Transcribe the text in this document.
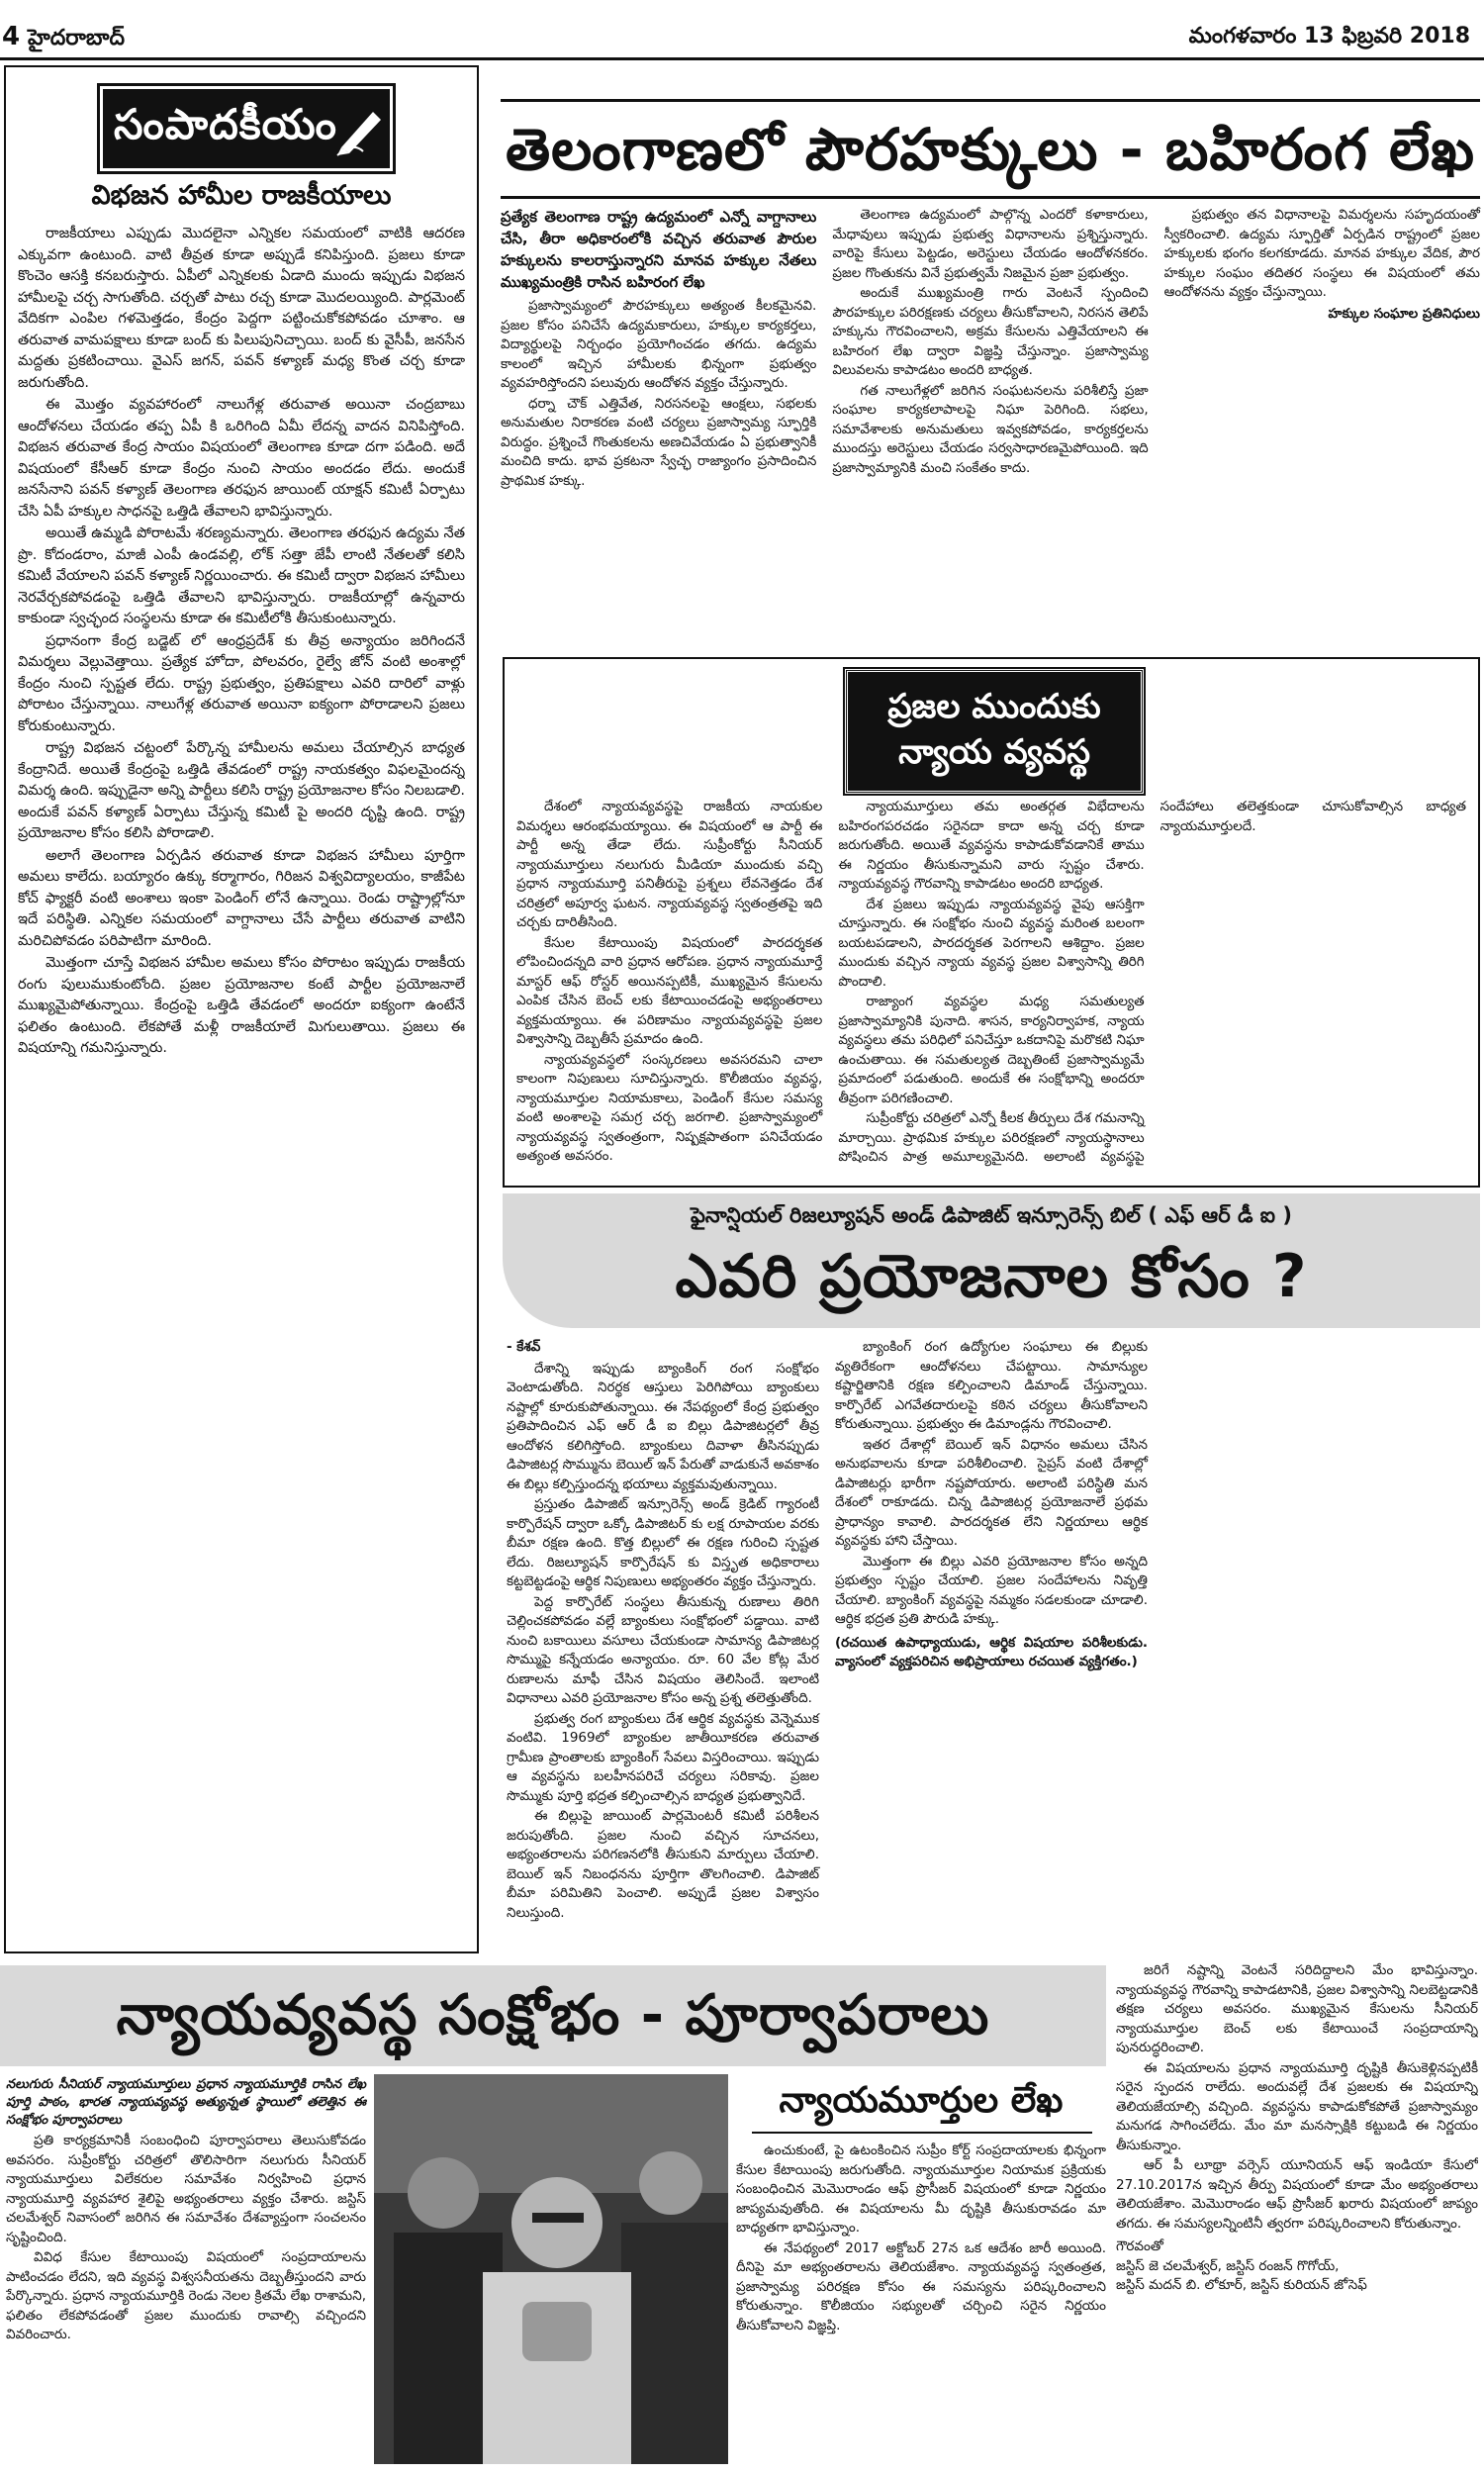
4 హైదరాబాద్	మంగళవారం 13 ఫిబ్రవరి 2018
సంపాదకీయం
విభజన హామీల రాజకీయాలు

రాజకీయాలు ఎప్పుడు మొదలైనా ఎన్నికల సమయంలో వాటికి ఆదరణ ఎక్కువగా ఉంటుంది. వాటి తీవ్రత కూడా అప్పుడే కనిపిస్తుంది. ప్రజలు కూడా కొంచెం ఆసక్తి కనబరుస్తారు. ఏపీలో ఎన్నికలకు ఏడాది ముందు ఇప్పుడు విభజన హామీలపై చర్చ సాగుతోంది. చర్చతో పాటు రచ్చ కూడా మొదలయ్యింది. పార్లమెంట్ వేదికగా ఎంపిల గళమెత్తడం, కేంద్రం పెద్దగా పట్టించుకోకపోవడం చూశాం. ఆ తరువాత వామపక్షాలు కూడా బంద్ కు పిలుపునిచ్చాయి. బంద్ కు వైసీపీ, జనసేన మద్దతు ప్రకటించాయి. వైఎస్ జగన్, పవన్ కళ్యాణ్ మధ్య కొంత చర్చ కూడా జరుగుతోంది.

ఈ మొత్తం వ్యవహారంలో నాలుగేళ్ల తరువాత అయినా చంద్రబాబు ఆందోళనలు చేయడం తప్ప ఏపీ కి ఒరిగింది ఏమీ లేదన్న వాదన వినిపిస్తోంది. విభజన తరువాత కేంద్ర సాయం విషయంలో తెలంగాణ కూడా దగా పడింది. అదే విషయంలో కేసీఆర్ కూడా కేంద్రం నుంచి సాయం అందడం లేదు. అందుకే జనసేనాని పవన్ కళ్యాణ్ తెలంగాణ తరఫున జాయింట్ యాక్షన్ కమిటీ ఏర్పాటు చేసి ఏపీ హక్కుల సాధనపై ఒత్తిడి తేవాలని భావిస్తున్నారు.

అయితే ఉమ్మడి పోరాటమే శరణ్యమన్నారు. తెలంగాణ తరఫున ఉద్యమ నేత ప్రొ. కోదండరాం, మాజీ ఎంపీ ఉండవల్లి, లోక్ సత్తా జేపీ లాంటి నేతలతో కలిసి కమిటీ వేయాలని పవన్ కళ్యాణ్ నిర్ణయించారు. ఈ కమిటీ ద్వారా విభజన హామీలు నెరవేర్చకపోవడంపై ఒత్తిడి తేవాలని భావిస్తున్నారు. రాజకీయాల్లో ఉన్నవారు కాకుండా స్వచ్ఛంద సంస్థలను కూడా ఈ కమిటీలోకి తీసుకుంటున్నారు.

ప్రధానంగా కేంద్ర బడ్జెట్ లో ఆంధ్రప్రదేశ్ కు తీవ్ర అన్యాయం జరిగిందనే విమర్శలు వెల్లువెత్తాయి. ప్రత్యేక హోదా, పోలవరం, రైల్వే జోన్ వంటి అంశాల్లో కేంద్రం నుంచి స్పష్టత లేదు. రాష్ట్ర ప్రభుత్వం, ప్రతిపక్షాలు ఎవరి దారిలో వాళ్లు పోరాటం చేస్తున్నాయి. నాలుగేళ్ల తరువాత అయినా ఐక్యంగా పోరాడాలని ప్రజలు కోరుకుంటున్నారు.

రాష్ట్ర విభజన చట్టంలో పేర్కొన్న హామీలను అమలు చేయాల్సిన బాధ్యత కేంద్రానిదే. అయితే కేంద్రంపై ఒత్తిడి తేవడంలో రాష్ట్ర నాయకత్వం విఫలమైందన్న విమర్శ ఉంది. ఇప్పుడైనా అన్ని పార్టీలు కలిసి రాష్ట్ర ప్రయోజనాల కోసం నిలబడాలి. అందుకే పవన్ కళ్యాణ్ ఏర్పాటు చేస్తున్న కమిటీ పై అందరి దృష్టి ఉంది. రాష్ట్ర ప్రయోజనాల కోసం కలిసి పోరాడాలి.

అలాగే తెలంగాణ ఏర్పడిన తరువాత కూడా విభజన హామీలు పూర్తిగా అమలు కాలేదు. బయ్యారం ఉక్కు కర్మాగారం, గిరిజన విశ్వవిద్యాలయం, కాజీపేట కోచ్ ఫ్యాక్టరీ వంటి అంశాలు ఇంకా పెండింగ్ లోనే ఉన్నాయి. రెండు రాష్ట్రాల్లోనూ ఇదే పరిస్థితి. ఎన్నికల సమయంలో వాగ్దానాలు చేసే పార్టీలు తరువాత వాటిని మరిచిపోవడం పరిపాటిగా మారింది.

మొత్తంగా చూస్తే విభజన హామీల అమలు కోసం పోరాటం ఇప్పుడు రాజకీయ రంగు పులుముకుంటోంది. ప్రజల ప్రయోజనాల కంటే పార్టీల ప్రయోజనాలే ముఖ్యమైపోతున్నాయి. కేంద్రంపై ఒత్తిడి తేవడంలో అందరూ ఐక్యంగా ఉంటేనే ఫలితం ఉంటుంది. లేకపోతే మళ్లీ రాజకీయాలే మిగులుతాయి. ప్రజలు ఈ విషయాన్ని గమనిస్తున్నారు.

తెలంగాణలో పౌరహక్కులు - బహిరంగ లేఖ

ప్రత్యేక తెలంగాణ రాష్ట్ర ఉద్యమంలో ఎన్నో వాగ్దానాలు చేసి, తీరా అధికారంలోకి వచ్చిన తరువాత పౌరుల హక్కులను కాలరాస్తున్నారని మానవ హక్కుల నేతలు ముఖ్యమంత్రికి రాసిన బహిరంగ లేఖ

ప్రజాస్వామ్యంలో పౌరహక్కులు అత్యంత కీలకమైనవి. ప్రజల కోసం పనిచేసే ఉద్యమకారులు, హక్కుల కార్యకర్తలు, విద్యార్థులపై నిర్బంధం ప్రయోగించడం తగదు. ఉద్యమ కాలంలో ఇచ్చిన హామీలకు భిన్నంగా ప్రభుత్వం వ్యవహరిస్తోందని పలువురు ఆందోళన వ్యక్తం చేస్తున్నారు.

ధర్నా చౌక్ ఎత్తివేత, నిరసనలపై ఆంక్షలు, సభలకు అనుమతుల నిరాకరణ వంటి చర్యలు ప్రజాస్వామ్య స్ఫూర్తికి విరుద్ధం. ప్రశ్నించే గొంతుకలను అణచివేయడం ఏ ప్రభుత్వానికీ మంచిది కాదు. భావ ప్రకటనా స్వేచ్ఛ రాజ్యాంగం ప్రసాదించిన ప్రాథమిక హక్కు.

తెలంగాణ ఉద్యమంలో పాల్గొన్న ఎందరో కళాకారులు, మేధావులు ఇప్పుడు ప్రభుత్వ విధానాలను ప్రశ్నిస్తున్నారు. వారిపై కేసులు పెట్టడం, అరెస్టులు చేయడం ఆందోళనకరం. ప్రజల గొంతుకను వినే ప్రభుత్వమే నిజమైన ప్రజా ప్రభుత్వం.

అందుకే ముఖ్యమంత్రి గారు వెంటనే స్పందించి పౌరహక్కుల పరిరక్షణకు చర్యలు తీసుకోవాలని, నిరసన తెలిపే హక్కును గౌరవించాలని, అక్రమ కేసులను ఎత్తివేయాలని ఈ బహిరంగ లేఖ ద్వారా విజ్ఞప్తి చేస్తున్నాం. ప్రజాస్వామ్య విలువలను కాపాడటం అందరి బాధ్యత.

గత నాలుగేళ్లలో జరిగిన సంఘటనలను పరిశీలిస్తే ప్రజా సంఘాల కార్యకలాపాలపై నిఘా పెరిగింది. సభలు, సమావేశాలకు అనుమతులు ఇవ్వకపోవడం, కార్యకర్తలను ముందస్తు అరెస్టులు చేయడం సర్వసాధారణమైపోయింది. ఇది ప్రజాస్వామ్యానికి మంచి సంకేతం కాదు.

ప్రభుత్వం తన విధానాలపై విమర్శలను సహృదయంతో స్వీకరించాలి. ఉద్యమ స్ఫూర్తితో ఏర్పడిన రాష్ట్రంలో ప్రజల హక్కులకు భంగం కలగకూడదు. మానవ హక్కుల వేదిక, పౌర హక్కుల సంఘం తదితర సంస్థలు ఈ విషయంలో తమ ఆందోళనను వ్యక్తం చేస్తున్నాయి.

హక్కుల సంఘాల ప్రతినిధులు

ప్రజల ముందుకు న్యాయ వ్యవస్థ

దేశంలో న్యాయవ్యవస్థపై రాజకీయ నాయకుల విమర్శలు ఆరంభమయ్యాయి. ఈ విషయంలో ఆ పార్టీ ఈ పార్టీ అన్న తేడా లేదు. సుప్రీంకోర్టు సీనియర్ న్యాయమూర్తులు నలుగురు మీడియా ముందుకు వచ్చి ప్రధాన న్యాయమూర్తి పనితీరుపై ప్రశ్నలు లేవనెత్తడం దేశ చరిత్రలో అపూర్వ ఘటన. న్యాయవ్యవస్థ స్వతంత్రతపై ఇది చర్చకు దారితీసింది.

కేసుల కేటాయింపు విషయంలో పారదర్శకత లోపించిందన్నది వారి ప్రధాన ఆరోపణ. ప్రధాన న్యాయమూర్తే మాస్టర్ ఆఫ్ రోస్టర్ అయినప్పటికీ, ముఖ్యమైన కేసులను ఎంపిక చేసిన బెంచ్ లకు కేటాయించడంపై అభ్యంతరాలు వ్యక్తమయ్యాయి. ఈ పరిణామం న్యాయవ్యవస్థపై ప్రజల విశ్వాసాన్ని దెబ్బతీసే ప్రమాదం ఉంది.

న్యాయవ్యవస్థలో సంస్కరణలు అవసరమని చాలా కాలంగా నిపుణులు సూచిస్తున్నారు. కొలీజియం వ్యవస్థ, న్యాయమూర్తుల నియామకాలు, పెండింగ్ కేసుల సమస్య వంటి అంశాలపై సమగ్ర చర్చ జరగాలి. ప్రజాస్వామ్యంలో న్యాయవ్యవస్థ స్వతంత్రంగా, నిష్పక్షపాతంగా పనిచేయడం అత్యంత అవసరం.

న్యాయమూర్తులు తమ అంతర్గత విభేదాలను బహిరంగపరచడం సరైనదా కాదా అన్న చర్చ కూడా జరుగుతోంది. అయితే వ్యవస్థను కాపాడుకోవడానికే తాము ఈ నిర్ణయం తీసుకున్నామని వారు స్పష్టం చేశారు. న్యాయవ్యవస్థ గౌరవాన్ని కాపాడటం అందరి బాధ్యత.

దేశ ప్రజలు ఇప్పుడు న్యాయవ్యవస్థ వైపు ఆసక్తిగా చూస్తున్నారు. ఈ సంక్షోభం నుంచి వ్యవస్థ మరింత బలంగా బయటపడాలని, పారదర్శకత పెరగాలని ఆశిద్దాం. ప్రజల ముందుకు వచ్చిన న్యాయ వ్యవస్థ ప్రజల విశ్వాసాన్ని తిరిగి పొందాలి.

రాజ్యాంగ వ్యవస్థల మధ్య సమతుల్యత ప్రజాస్వామ్యానికి పునాది. శాసన, కార్యనిర్వాహక, న్యాయ వ్యవస్థలు తమ పరిధిలో పనిచేస్తూ ఒకదానిపై మరొకటి నిఘా ఉంచుతాయి. ఈ సమతుల్యత దెబ్బతింటే ప్రజాస్వామ్యమే ప్రమాదంలో పడుతుంది. అందుకే ఈ సంక్షోభాన్ని అందరూ తీవ్రంగా పరిగణించాలి.

సుప్రీంకోర్టు చరిత్రలో ఎన్నో కీలక తీర్పులు దేశ గమనాన్ని మార్చాయి. ప్రాథమిక హక్కుల పరిరక్షణలో న్యాయస్థానాలు పోషించిన పాత్ర అమూల్యమైనది. అలాంటి వ్యవస్థపై సందేహాలు తలెత్తకుండా చూసుకోవాల్సిన బాధ్యత న్యాయమూర్తులదే.

ఫైనాన్షియల్ రిజల్యూషన్ అండ్ డిపాజిట్ ఇన్సూరెన్స్ బిల్ ( ఎఫ్ ఆర్ డీ ఐ )
ఎవరి ప్రయోజనాల కోసం ?

- కేశవ్

దేశాన్ని ఇప్పుడు బ్యాంకింగ్ రంగ సంక్షోభం వెంటాడుతోంది. నిరర్థక ఆస్తులు పెరిగిపోయి బ్యాంకులు నష్టాల్లో కూరుకుపోతున్నాయి. ఈ నేపథ్యంలో కేంద్ర ప్రభుత్వం ప్రతిపాదించిన ఎఫ్ ఆర్ డీ ఐ బిల్లు డిపాజిటర్లలో తీవ్ర ఆందోళన కలిగిస్తోంది. బ్యాంకులు దివాళా తీసినప్పుడు డిపాజిటర్ల సొమ్మును బెయిల్ ఇన్ పేరుతో వాడుకునే అవకాశం ఈ బిల్లు కల్పిస్తుందన్న భయాలు వ్యక్తమవుతున్నాయి.

ప్రస్తుతం డిపాజిట్ ఇన్సూరెన్స్ అండ్ క్రెడిట్ గ్యారంటీ కార్పొరేషన్ ద్వారా ఒక్కో డిపాజిటర్ కు లక్ష రూపాయల వరకు బీమా రక్షణ ఉంది. కొత్త బిల్లులో ఈ రక్షణ గురించి స్పష్టత లేదు. రిజల్యూషన్ కార్పొరేషన్ కు విస్తృత అధికారాలు కట్టబెట్టడంపై ఆర్థిక నిపుణులు అభ్యంతరం వ్యక్తం చేస్తున్నారు.

పెద్ద కార్పొరేట్ సంస్థలు తీసుకున్న రుణాలు తిరిగి చెల్లించకపోవడం వల్లే బ్యాంకులు సంక్షోభంలో పడ్డాయి. వాటి నుంచి బకాయిలు వసూలు చేయకుండా సామాన్య డిపాజిటర్ల సొమ్ముపై కన్నేయడం అన్యాయం. రూ. 60 వేల కోట్ల మేర రుణాలను మాఫీ చేసిన విషయం తెలిసిందే. ఇలాంటి విధానాలు ఎవరి ప్రయోజనాల కోసం అన్న ప్రశ్న తలెత్తుతోంది.

ప్రభుత్వ రంగ బ్యాంకులు దేశ ఆర్థిక వ్యవస్థకు వెన్నెముక వంటివి. 1969లో బ్యాంకుల జాతీయీకరణ తరువాత గ్రామీణ ప్రాంతాలకు బ్యాంకింగ్ సేవలు విస్తరించాయి. ఇప్పుడు ఆ వ్యవస్థను బలహీనపరిచే చర్యలు సరికావు. ప్రజల సొమ్ముకు పూర్తి భద్రత కల్పించాల్సిన బాధ్యత ప్రభుత్వానిదే.

ఈ బిల్లుపై జాయింట్ పార్లమెంటరీ కమిటీ పరిశీలన జరుపుతోంది. ప్రజల నుంచి వచ్చిన సూచనలు, అభ్యంతరాలను పరిగణనలోకి తీసుకుని మార్పులు చేయాలి. బెయిల్ ఇన్ నిబంధనను పూర్తిగా తొలగించాలి. డిపాజిట్ బీమా పరిమితిని పెంచాలి. అప్పుడే ప్రజల విశ్వాసం నిలుస్తుంది.

బ్యాంకింగ్ రంగ ఉద్యోగుల సంఘాలు ఈ బిల్లుకు వ్యతిరేకంగా ఆందోళనలు చేపట్టాయి. సామాన్యుల కష్టార్జితానికి రక్షణ కల్పించాలని డిమాండ్ చేస్తున్నాయి. కార్పొరేట్ ఎగవేతదారులపై కఠిన చర్యలు తీసుకోవాలని కోరుతున్నాయి. ప్రభుత్వం ఈ డిమాండ్లను గౌరవించాలి.

ఇతర దేశాల్లో బెయిల్ ఇన్ విధానం అమలు చేసిన అనుభవాలను కూడా పరిశీలించాలి. సైప్రస్ వంటి దేశాల్లో డిపాజిటర్లు భారీగా నష్టపోయారు. అలాంటి పరిస్థితి మన దేశంలో రాకూడదు. చిన్న డిపాజిటర్ల ప్రయోజనాలే ప్రథమ ప్రాధాన్యం కావాలి. పారదర్శకత లేని నిర్ణయాలు ఆర్థిక వ్యవస్థకు హాని చేస్తాయి.

మొత్తంగా ఈ బిల్లు ఎవరి ప్రయోజనాల కోసం అన్నది ప్రభుత్వం స్పష్టం చేయాలి. ప్రజల సందేహాలను నివృత్తి చేయాలి. బ్యాంకింగ్ వ్యవస్థపై నమ్మకం సడలకుండా చూడాలి. ఆర్థిక భద్రత ప్రతి పౌరుడి హక్కు.

(రచయిత ఉపాధ్యాయుడు, ఆర్థిక విషయాల పరిశీలకుడు. వ్యాసంలో వ్యక్తపరిచిన అభిప్రాయాలు రచయిత వ్యక్తిగతం.)

న్యాయవ్యవస్థ సంక్షోభం - పూర్వాపరాలు
నలుగురు సీనియర్ న్యాయమూర్తులు ప్రధాన న్యాయమూర్తికి రాసిన లేఖ పూర్తి పాఠం, భారత న్యాయవ్యవస్థ అత్యున్నత స్థాయిలో తలెత్తిన ఈ సంక్షోభం పూర్వాపరాలు

ప్రతి కార్యక్రమానికీ సంబంధించి పూర్వాపరాలు తెలుసుకోవడం అవసరం. సుప్రీంకోర్టు చరిత్రలో తొలిసారిగా నలుగురు సీనియర్ న్యాయమూర్తులు విలేకరుల సమావేశం నిర్వహించి ప్రధాన న్యాయమూర్తి వ్యవహార శైలిపై అభ్యంతరాలు వ్యక్తం చేశారు. జస్టిస్ చలమేశ్వర్ నివాసంలో జరిగిన ఈ సమావేశం దేశవ్యాప్తంగా సంచలనం సృష్టించింది.

వివిధ కేసుల కేటాయింపు విషయంలో సంప్రదాయాలను పాటించడం లేదని, ఇది వ్యవస్థ విశ్వసనీయతను దెబ్బతీస్తుందని వారు పేర్కొన్నారు. ప్రధాన న్యాయమూర్తికి రెండు నెలల క్రితమే లేఖ రాశామని, ఫలితం లేకపోవడంతో ప్రజల ముందుకు రావాల్సి వచ్చిందని వివరించారు.

న్యాయమూర్తుల లేఖ

ఉంచుకుంటే, పై ఉటంకించిన సుప్రీం కోర్ట్ సంప్రదాయాలకు భిన్నంగా కేసుల కేటాయింపు జరుగుతోంది. న్యాయమూర్తుల నియామక ప్రక్రియకు సంబంధించిన మెమొరాండం ఆఫ్ ప్రొసీజర్ విషయంలో కూడా నిర్ణయం జాప్యమవుతోంది. ఈ విషయాలను మీ దృష్టికి తీసుకురావడం మా బాధ్యతగా భావిస్తున్నాం.

ఈ నేపథ్యంలో 2017 అక్టోబర్ 27న ఒక ఆదేశం జారీ అయింది. దీనిపై మా అభ్యంతరాలను తెలియజేశాం. న్యాయవ్యవస్థ స్వతంత్రత, ప్రజాస్వామ్య పరిరక్షణ కోసం ఈ సమస్యను పరిష్కరించాలని కోరుతున్నాం. కొలీజియం సభ్యులతో చర్చించి సరైన నిర్ణయం తీసుకోవాలని విజ్ఞప్తి.

జరిగే నష్టాన్ని వెంటనే సరిదిద్దాలని మేం భావిస్తున్నాం. న్యాయవ్యవస్థ గౌరవాన్ని కాపాడటానికి, ప్రజల విశ్వాసాన్ని నిలబెట్టడానికి తక్షణ చర్యలు అవసరం. ముఖ్యమైన కేసులను సీనియర్ న్యాయమూర్తుల బెంచ్ లకు కేటాయించే సంప్రదాయాన్ని పునరుద్ధరించాలి.

ఈ విషయాలను ప్రధాన న్యాయమూర్తి దృష్టికి తీసుకెళ్లినప్పటికీ సరైన స్పందన రాలేదు. అందువల్లే దేశ ప్రజలకు ఈ విషయాన్ని తెలియజేయాల్సి వచ్చింది. వ్యవస్థను కాపాడుకోకపోతే ప్రజాస్వామ్యం మనుగడ సాగించలేదు. మేం మా మనస్సాక్షికి కట్టుబడి ఈ నిర్ణయం తీసుకున్నాం.

ఆర్ పీ లూథ్రా వర్సెస్ యూనియన్ ఆఫ్ ఇండియా కేసులో 27.10.2017న ఇచ్చిన తీర్పు విషయంలో కూడా మేం అభ్యంతరాలు తెలియజేశాం. మెమొరాండం ఆఫ్ ప్రొసీజర్ ఖరారు విషయంలో జాప్యం తగదు. ఈ సమస్యలన్నింటినీ త్వరగా పరిష్కరించాలని కోరుతున్నాం.

గౌరవంతో

జస్టిస్ జె చలమేశ్వర్, జస్టిస్ రంజన్ గొగోయ్,

జస్టిస్ మదన్ బి. లోకూర్, జస్టిస్ కురియన్ జోసెఫ్
